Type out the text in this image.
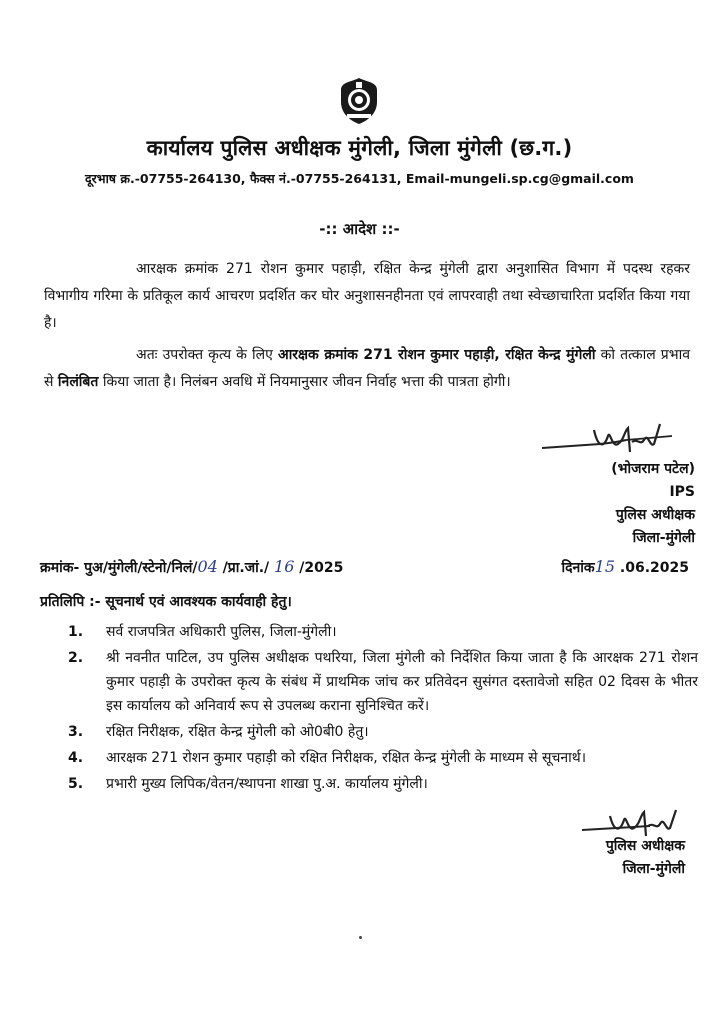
कार्यालय पुलिस अधीक्षक मुंगेली, जिला मुंगेली (छ.ग.)
दूरभाष क्र.-07755-264130, फैक्स नं.-07755-264131, Email-mungeli.sp.cg@gmail.com
-:: आदेश ::-
आरक्षक क्रमांक 271 रोशन कुमार पहाड़ी, रक्षित केन्द्र मुंगेली द्वारा अनुशासित विभाग में पदस्थ रहकर विभागीय गरिमा के प्रतिकूल कार्य आचरण प्रदर्शित कर घोर अनुशासनहीनता एवं लापरवाही तथा स्वेच्छाचारिता प्रदर्शित किया गया है।
अतः उपरोक्त कृत्य के लिए आरक्षक क्रमांक 271 रोशन कुमार पहाड़ी, रक्षित केन्द्र मुंगेली को तत्काल प्रभाव से निलंबित किया जाता है। निलंबन अवधि में नियमानुसार जीवन निर्वाह भत्ता की पात्रता होगी।
(भोजराम पटेल)
IPS
पुलिस अधीक्षक
जिला-मुंगेली
क्रमांक- पुअ/मुंगेली/स्टेनो/निलं/04 /प्रा.जां./ 16 /2025	दिनांक15 .06.2025
प्रतिलिपि :- सूचनार्थ एवं आवश्यक कार्यवाही हेतु।
1.	सर्व राजपत्रित अधिकारी पुलिस, जिला-मुंगेली।
2.	श्री नवनीत पाटिल, उप पुलिस अधीक्षक पथरिया, जिला मुंगेली को निर्देशित किया जाता है कि आरक्षक 271 रोशन कुमार पहाड़ी के उपरोक्त कृत्य के संबंध में प्राथमिक जांच कर प्रतिवेदन सुसंगत दस्तावेजो सहित 02 दिवस के भीतर इस कार्यालय को अनिवार्य रूप से उपलब्ध कराना सुनिश्चित करें।
3.	रक्षित निरीक्षक, रक्षित केन्द्र मुंगेली को ओ0बी0 हेतु।
4.	आरक्षक 271 रोशन कुमार पहाड़ी को रक्षित निरीक्षक, रक्षित केन्द्र मुंगेली के माध्यम से सूचनार्थ।
5.	प्रभारी मुख्य लिपिक/वेतन/स्थापना शाखा पु.अ. कार्यालय मुंगेली।
पुलिस अधीक्षक
जिला-मुंगेली
